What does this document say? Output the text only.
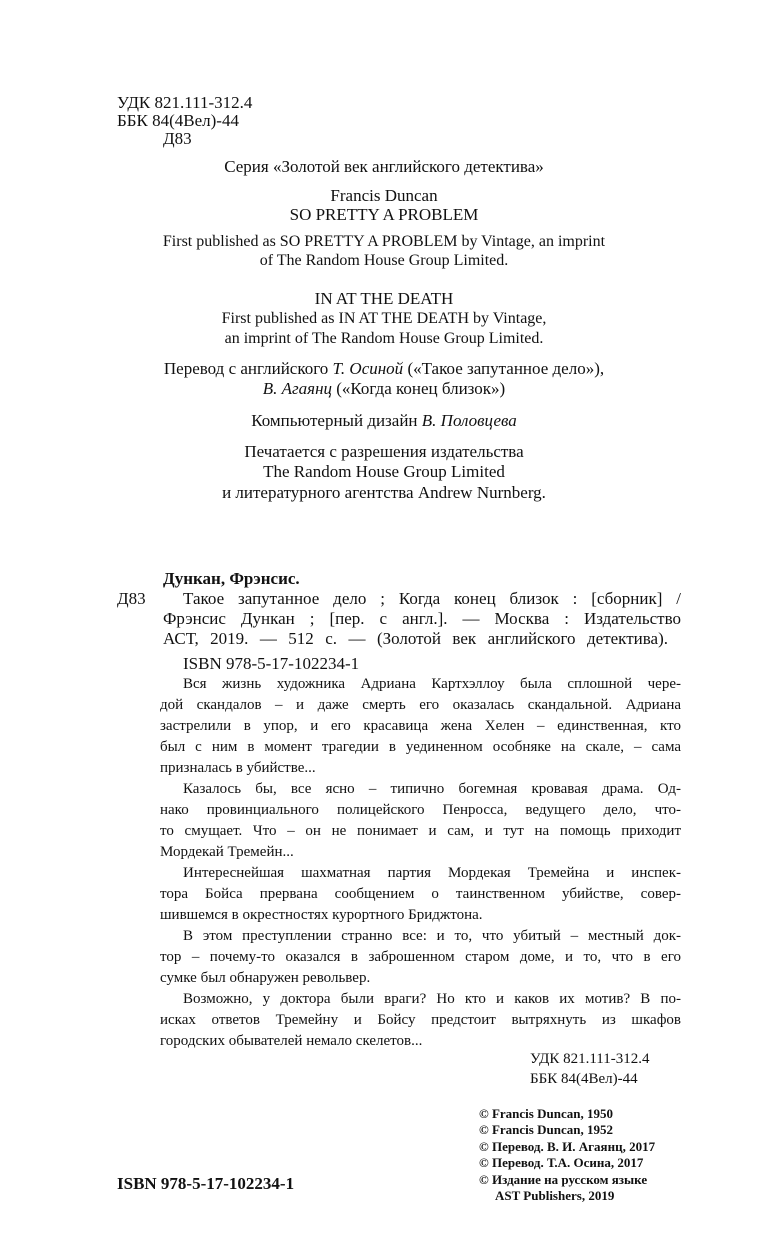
УДК 821.111-312.4
ББК 84(4Вел)-44
Д83
Серия «Золотой век английского детектива»
Francis Duncan
SO PRETTY A PROBLEM
First published as SO PRETTY A PROBLEM by Vintage, an imprint
of The Random House Group Limited.
IN AT THE DEATH
First published as IN AT THE DEATH by Vintage,
an imprint of The Random House Group Limited.
Перевод с английского Т. Осиной («Такое запутанное дело»),
В. Агаянц («Когда конец близок»)
Компьютерный дизайн В. Половцева
Печатается с разрешения издательства
The Random House Group Limited
и литературного агентства Andrew Nurnberg.
Дункан, Фрэнсис.
Д83 Такое запутанное дело ; Когда конец близок : [сборник] /
Фрэнсис Дункан ; [пер. с англ.]. — Москва : Издательство
АСТ, 2019. — 512 с. — (Золотой век английского детектива).
ISBN 978-5-17-102234-1
Вся жизнь художника Адриана Картхэллоу была сплошной чере-
дой скандалов – и даже смерть его оказалась скандальной. Адриана
застрелили в упор, и его красавица жена Хелен – единственная, кто
был с ним в момент трагедии в уединенном особняке на скале, – сама
призналась в убийстве...
Казалось бы, все ясно – типично богемная кровавая драма. Од-
нако провинциального полицейского Пенросса, ведущего дело, что-
то смущает. Что – он не понимает и сам, и тут на помощь приходит
Мордекай Тремейн...
Интереснейшая шахматная партия Мордекая Тремейна и инспек-
тора Бойса прервана сообщением о таинственном убийстве, совер-
шившемся в окрестностях курортного Бриджтона.
В этом преступлении странно все: и то, что убитый – местный док-
тор – почему-то оказался в заброшенном старом доме, и то, что в его
сумке был обнаружен револьвер.
Возможно, у доктора были враги? Но кто и каков их мотив? В по-
исках ответов Тремейну и Бойсу предстоит вытряхнуть из шкафов
городских обывателей немало скелетов...
УДК 821.111-312.4
ББК 84(4Вел)-44
© Francis Duncan, 1950
© Francis Duncan, 1952
© Перевод. В. И. Агаянц, 2017
© Перевод. Т.А. Осина, 2017
© Издание на русском языке
AST Publishers, 2019
ISBN 978-5-17-102234-1
